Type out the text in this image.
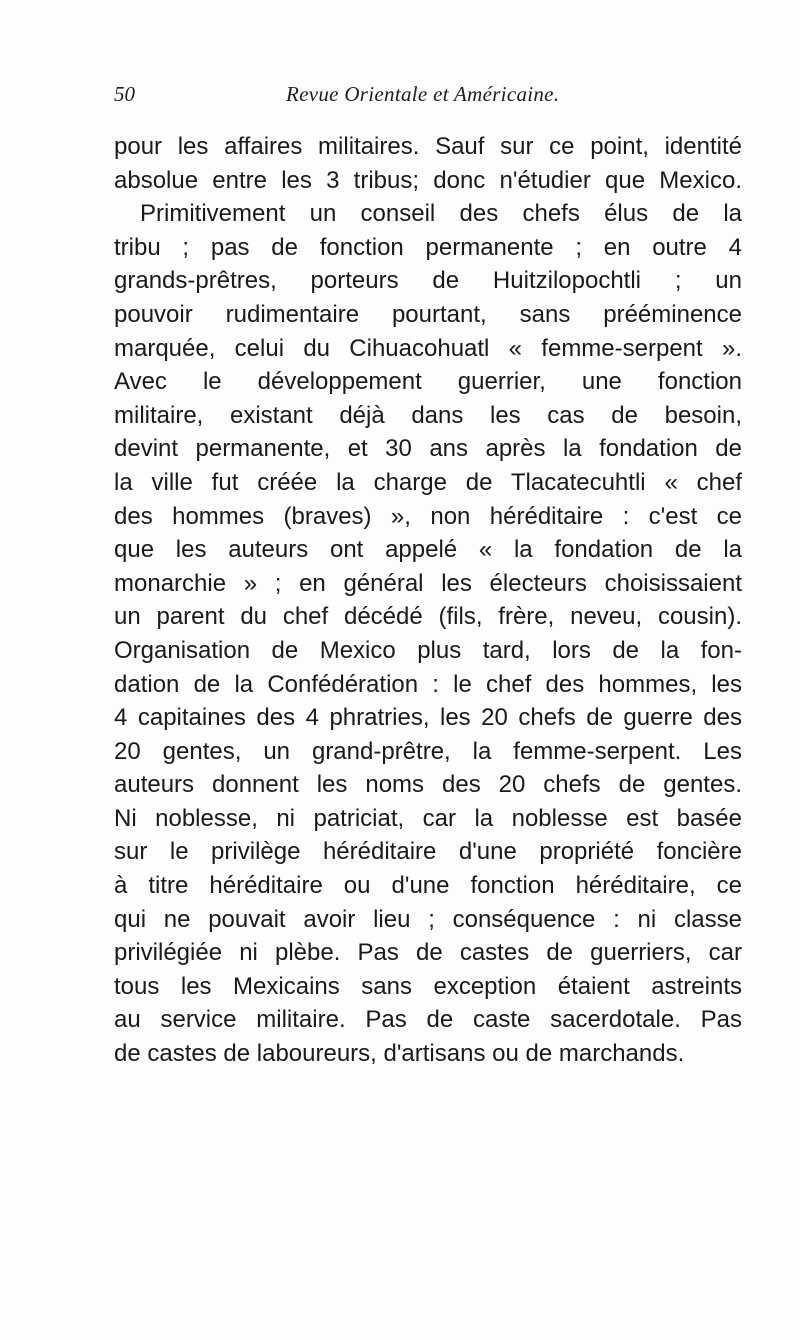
50	Revue Orientale et Américaine.
pour les affaires militaires. Sauf sur ce point, identité
absolue entre les 3 tribus; donc n'étudier que Mexico.
Primitivement un conseil des chefs élus de la
tribu ; pas de fonction permanente ; en outre 4
grands-prêtres, porteurs de Huitzilopochtli ; un
pouvoir rudimentaire pourtant, sans prééminence
marquée, celui du Cihuacohuatl « femme-serpent ».
Avec le développement guerrier, une fonction
militaire, existant déjà dans les cas de besoin,
devint permanente, et 30 ans après la fondation de
la ville fut créée la charge de Tlacatecuhtli « chef
des hommes (braves) », non héréditaire : c'est ce
que les auteurs ont appelé « la fondation de la
monarchie » ; en général les électeurs choisissaient
un parent du chef décédé (fils, frère, neveu, cousin).
Organisation de Mexico plus tard, lors de la fon-
dation de la Confédération : le chef des hommes, les
4 capitaines des 4 phratries, les 20 chefs de guerre des
20 gentes, un grand-prêtre, la femme-serpent. Les
auteurs donnent les noms des 20 chefs de gentes.
Ni noblesse, ni patriciat, car la noblesse est basée
sur le privilège héréditaire d'une propriété foncière
à titre héréditaire ou d'une fonction héréditaire, ce
qui ne pouvait avoir lieu ; conséquence : ni classe
privilégiée ni plèbe. Pas de castes de guerriers, car
tous les Mexicains sans exception étaient astreints
au service militaire. Pas de caste sacerdotale. Pas
de castes de laboureurs, d'artisans ou de marchands.
